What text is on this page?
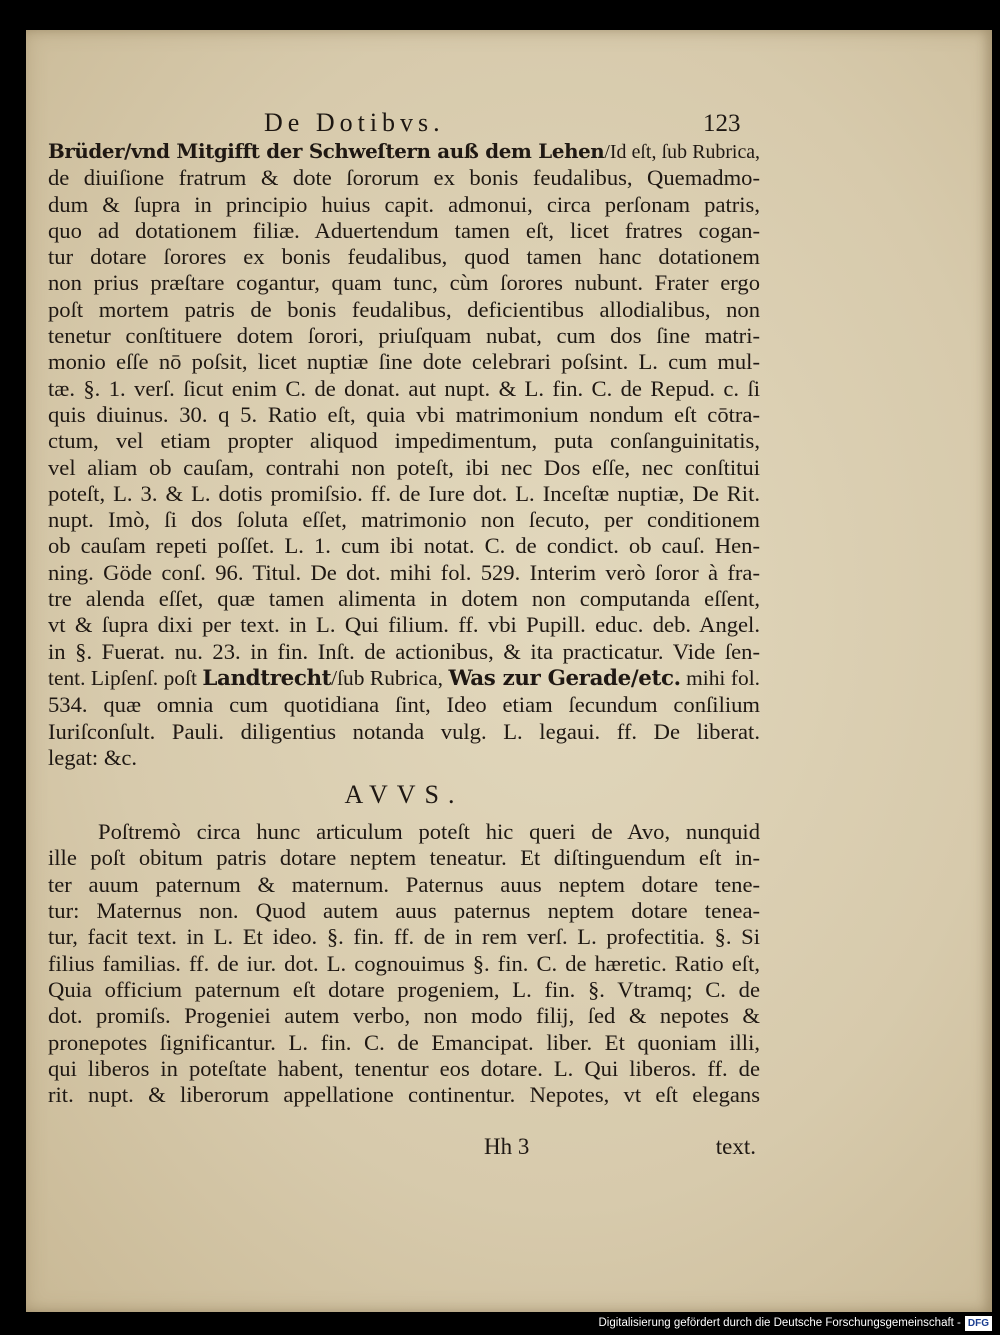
De Dotibvs.	123
Brüder/vnd Mitgifft der Schweſtern auß dem Lehen/Id eſt, ſub Rubrica,
de diuiſione fratrum & dote ſororum ex bonis feudalibus, Quemadmo-
dum & ſupra in principio huius capit. admonui, circa perſonam patris,
quo ad dotationem filiæ. Aduertendum tamen eſt, licet fratres cogan-
tur dotare ſorores ex bonis feudalibus, quod tamen hanc dotationem
non prius præſtare cogantur, quam tunc, cùm ſorores nubunt. Frater ergo
poſt mortem patris de bonis feudalibus, deficientibus allodialibus, non
tenetur conſtituere dotem ſorori, priuſquam nubat, cum dos ſine matri-
monio eſſe nō poſsit, licet nuptiæ ſine dote celebrari poſsint. L. cum mul-
tæ. §. 1. verſ. ſicut enim C. de donat. aut nupt. & L. fin. C. de Repud. c. ſi
quis diuinus. 30. q 5. Ratio eſt, quia vbi matrimonium nondum eſt cōtra-
ctum, vel etiam propter aliquod impedimentum, puta conſanguinitatis,
vel aliam ob cauſam, contrahi non poteſt, ibi nec Dos eſſe, nec conſtitui
poteſt, L. 3. & L. dotis promiſsio. ff. de Iure dot. L. Inceſtæ nuptiæ, De Rit.
nupt. Imò, ſi dos ſoluta eſſet, matrimonio non ſecuto, per conditionem
ob cauſam repeti poſſet. L. 1. cum ibi notat. C. de condict. ob cauſ. Hen-
ning. Göde conſ. 96. Titul. De dot. mihi fol. 529. Interim verò ſoror à fra-
tre alenda eſſet, quæ tamen alimenta in dotem non computanda eſſent,
vt & ſupra dixi per text. in L. Qui filium. ff. vbi Pupill. educ. deb. Angel.
in §. Fuerat. nu. 23. in fin. Inſt. de actionibus, & ita practicatur. Vide ſen-
tent. Lipſenſ. poſt Landtrecht/ſub Rubrica, Was zur Gerade/etc. mihi fol.
534. quæ omnia cum quotidiana ſint, Ideo etiam ſecundum conſilium
Iuriſconſult. Pauli. diligentius notanda vulg. L. legaui. ff. De liberat.
legat: &c.
AVVS.
Poſtremò circa hunc articulum poteſt hic queri de Avo, nunquid
ille poſt obitum patris dotare neptem teneatur. Et diſtinguendum eſt in-
ter auum paternum & maternum. Paternus auus neptem dotare tene-
tur: Maternus non. Quod autem auus paternus neptem dotare tenea-
tur, facit text. in L. Et ideo. §. fin. ff. de in rem verſ. L. profectitia. §. Si
filius familias. ff. de iur. dot. L. cognouimus §. fin. C. de hæretic. Ratio eſt,
Quia officium paternum eſt dotare progeniem, L. fin. §. Vtramq; C. de
dot. promiſs. Progeniei autem verbo, non modo filij, ſed & nepotes &
pronepotes ſignificantur. L. fin. C. de Emancipat. liber. Et quoniam illi,
qui liberos in poteſtate habent, tenentur eos dotare. L. Qui liberos. ff. de
rit. nupt. & liberorum appellatione continentur. Nepotes, vt eſt elegans
Hh 3	text.
Digitalisierung gefördert durch die Deutsche Forschungsgemeinschaft - DFG
